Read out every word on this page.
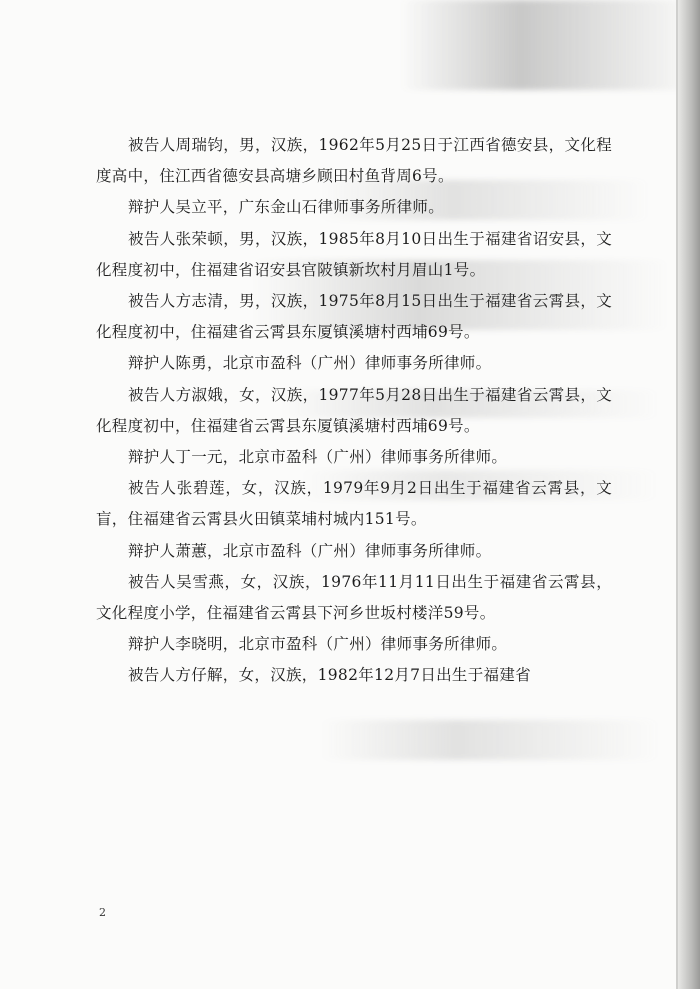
被告人周瑞钧，男，汉族，1962年5月25日于江西省德安县，文化程度高中，住江西省德安县高塘乡顾田村鱼背周6号。

辩护人吴立平，广东金山石律师事务所律师。

被告人张荣顿，男，汉族，1985年8月10日出生于福建省诏安县，文化程度初中，住福建省诏安县官陂镇新坎村月眉山1号。

被告人方志清，男，汉族，1975年8月15日出生于福建省云霄县，文化程度初中，住福建省云霄县东厦镇溪塘村西埔69号。

辩护人陈勇，北京市盈科（广州）律师事务所律师。

被告人方淑娥，女，汉族，1977年5月28日出生于福建省云霄县，文化程度初中，住福建省云霄县东厦镇溪塘村西埔69号。

辩护人丁一元，北京市盈科（广州）律师事务所律师。

被告人张碧莲，女，汉族，1979年9月2日出生于福建省云霄县，文盲，住福建省云霄县火田镇菜埔村城内151号。

辩护人萧蕙，北京市盈科（广州）律师事务所律师。

被告人吴雪燕，女，汉族，1976年11月11日出生于福建省云霄县，文化程度小学，住福建省云霄县下河乡世坂村楼洋59号。

辩护人李晓明，北京市盈科（广州）律师事务所律师。

被告人方仔解，女，汉族，1982年12月7日出生于福建省

2
